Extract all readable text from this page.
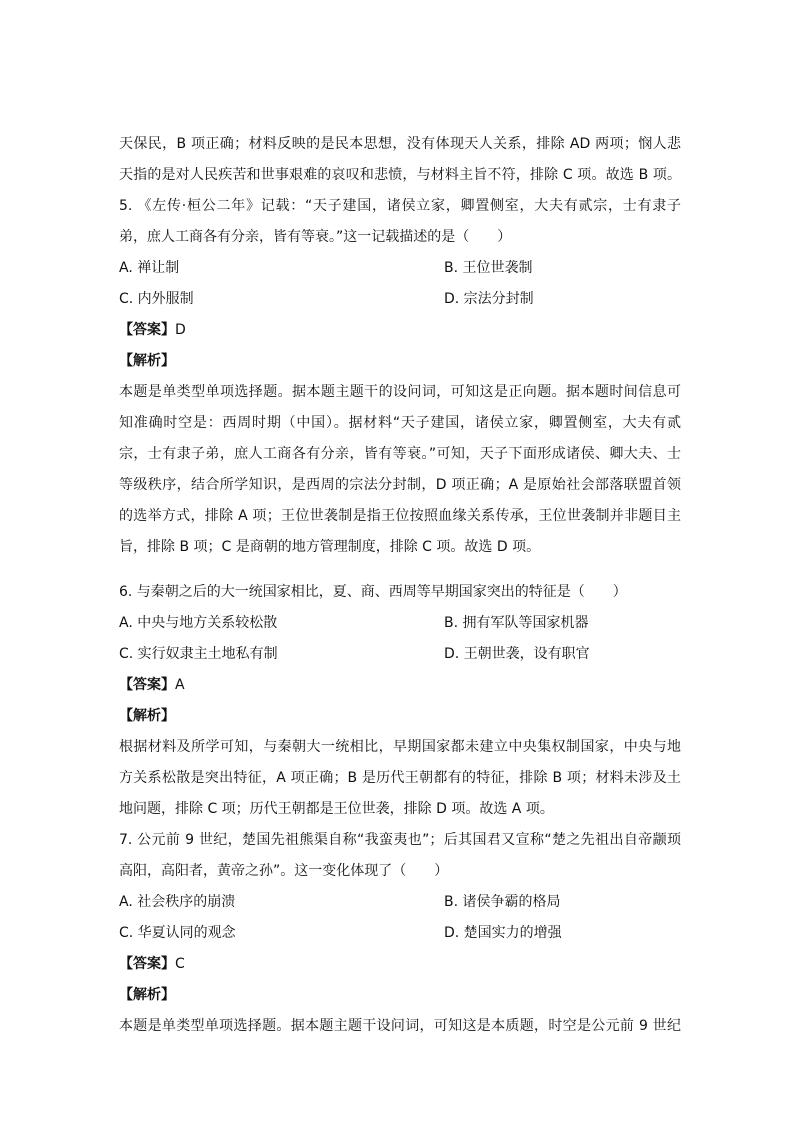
天保民，B 项正确；材料反映的是民本思想，没有体现天人关系，排除 AD 两项；悯人悲
天指的是对人民疾苦和世事艰难的哀叹和悲愤，与材料主旨不符，排除 C 项。故选 B 项。
5. 《左传·桓公二年》记载：“天子建国，诸侯立家，卿置侧室，大夫有贰宗，士有隶子
弟，庶人工商各有分亲，皆有等衰。”这一记载描述的是（　　）
A. 禅让制	B. 王位世袭制
C. 内外服制	D. 宗法分封制
【答案】D
【解析】
本题是单类型单项选择题。据本题主题干的设问词，可知这是正向题。据本题时间信息可
知准确时空是：西周时期（中国）。据材料“天子建国，诸侯立家，卿置侧室，大夫有贰
宗，士有隶子弟，庶人工商各有分亲，皆有等衰。”可知，天子下面形成诸侯、卿大夫、士
等级秩序，结合所学知识，是西周的宗法分封制，D 项正确；A 是原始社会部落联盟首领
的选举方式，排除 A 项；王位世袭制是指王位按照血缘关系传承，王位世袭制并非题目主
旨，排除 B 项；C 是商朝的地方管理制度，排除 C 项。故选 D 项。
6. 与秦朝之后的大一统国家相比，夏、商、西周等早期国家突出的特征是（　　）
A. 中央与地方关系较松散	B. 拥有军队等国家机器
C. 实行奴隶主土地私有制	D. 王朝世袭，设有职官
【答案】A
【解析】
根据材料及所学可知，与秦朝大一统相比，早期国家都未建立中央集权制国家，中央与地
方关系松散是突出特征，A 项正确；B 是历代王朝都有的特征，排除 B 项；材料未涉及土
地问题，排除 C 项；历代王朝都是王位世袭，排除 D 项。故选 A 项。
7. 公元前 9 世纪，楚国先祖熊渠自称“我蛮夷也”；后其国君又宣称“楚之先祖出自帝颛顼
高阳，高阳者，黄帝之孙”。这一变化体现了（　　）
A. 社会秩序的崩溃	B. 诸侯争霸的格局
C. 华夏认同的观念	D. 楚国实力的增强
【答案】C
【解析】
本题是单类型单项选择题。据本题主题干设问词，可知这是本质题，时空是公元前 9 世纪
